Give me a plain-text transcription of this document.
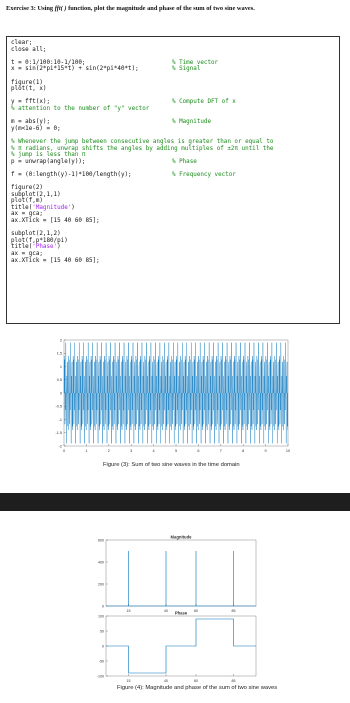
Exercise 3: Using fft( ) function, plot the magnitude and phase of the sum of two sine waves.
clear;
close all;
t = 0:1/100:10-1/100;	% Time vector
x = sin(2*pi*15*t) + sin(2*pi*40*t);	% Signal
figure(1)
plot(t, x)
y = fft(x);	% Compute DFT of x
% attention to the number of "y" vector
m = abs(y);	% Magnitude
y(m<1e-6) = 0;
% Whenever the jump between consecutive angles is greater than or equal to
% π radians, unwrap shifts the angles by adding multiples of ±2π until the
% jump is less than π
p = unwrap(angle(y));	% Phase
f = (0:length(y)-1)*100/length(y);	% Frequency vector
figure(2)
subplot(2,1,1)
plot(f,m)
title('Magnitude')
ax = gca;
ax.XTick = [15 40 60 85];
subplot(2,1,2)
plot(f,p*180/pi)
title('Phase')
ax = gca;
ax.XTick = [15 40 60 85];
0	1	2	3	4	5	6	7	8	9	10
-2
-1.5
-1
-0.5
0
0.5
1
1.5
2
Figure (3): Sum of two sine waves in the time domain
Magnitude
15	40	60	85
0
200
400
600
Phase
15	40	60	85
-100
-50
0
50
100
Figure (4): Magnitude and phase of the sum of two sine waves
